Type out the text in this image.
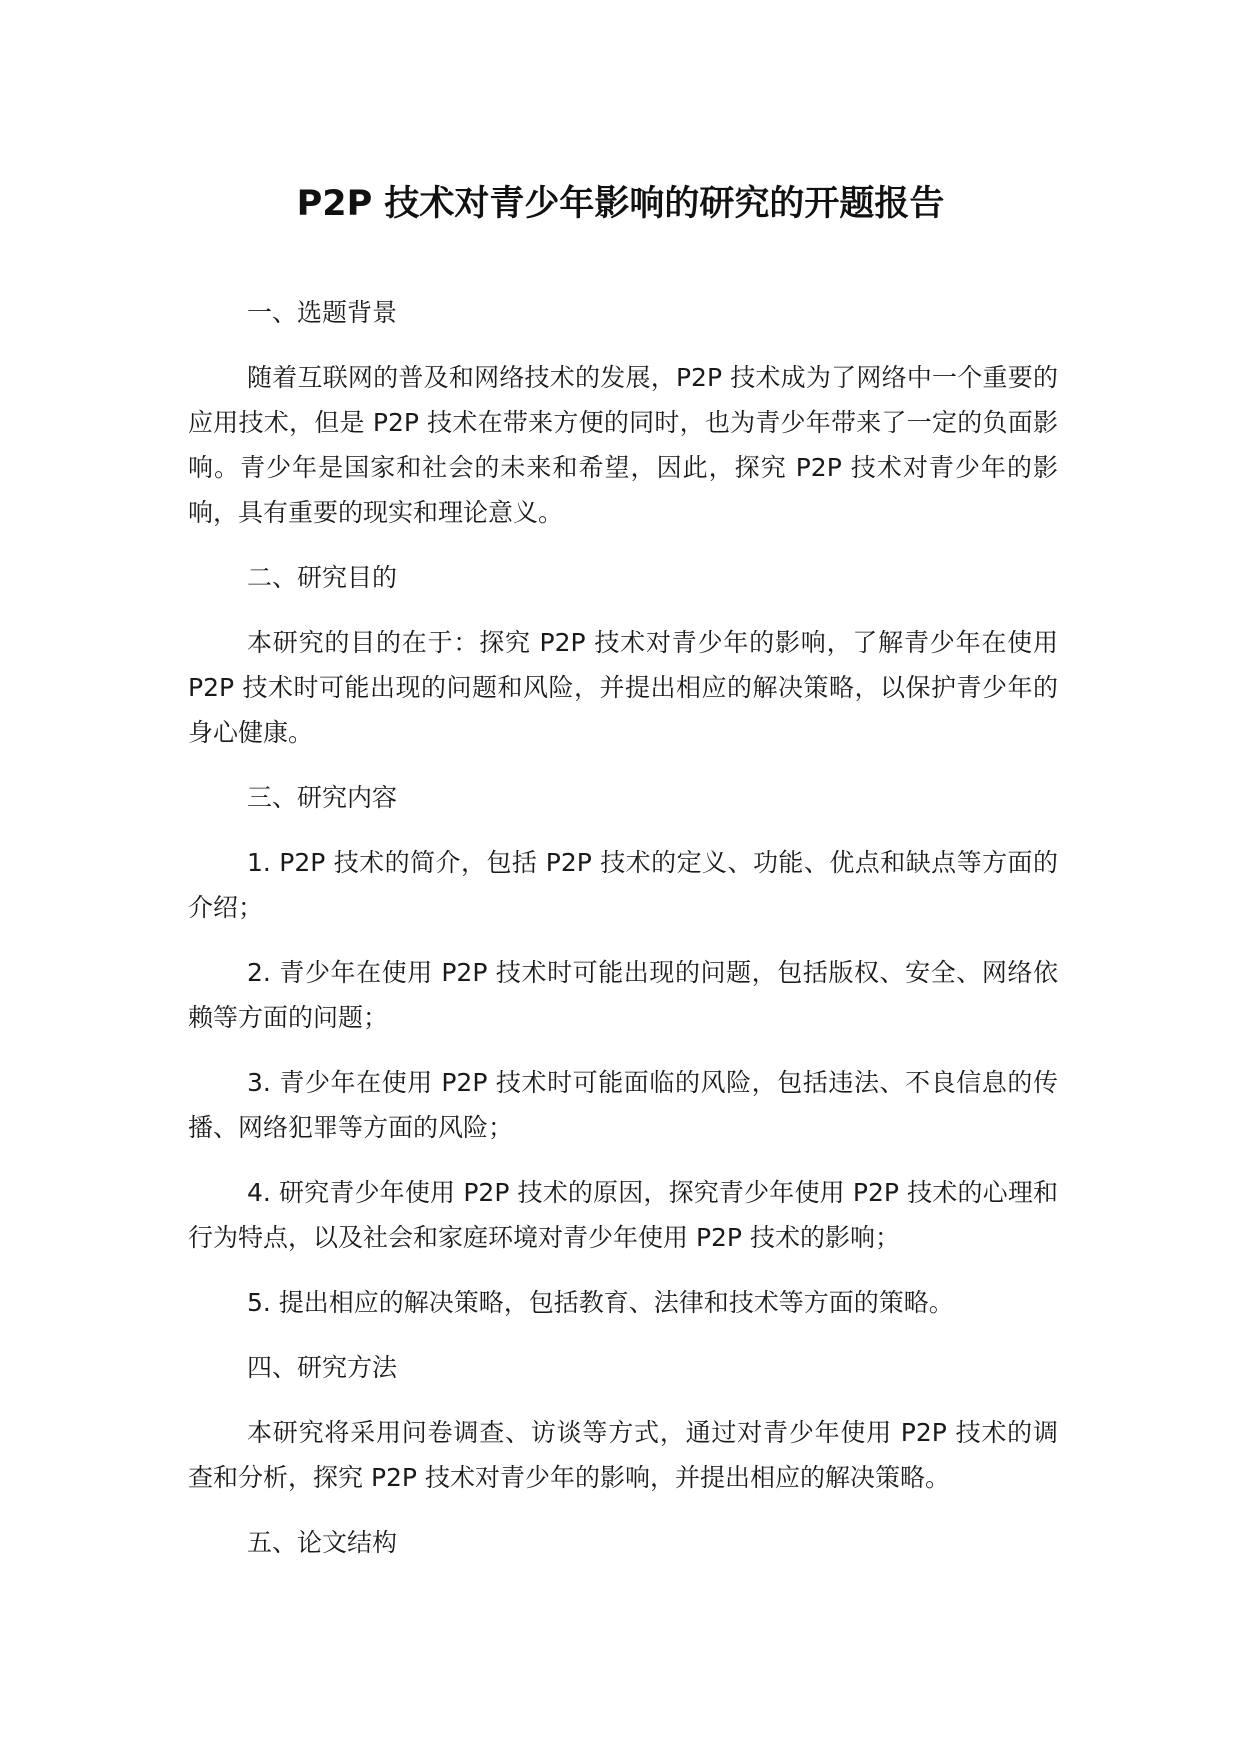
P2P 技术对青少年影响的研究的开题报告

一、选题背景

随着互联网的普及和网络技术的发展，P2P 技术成为了网络中一个重要的应用技术，但是 P2P 技术在带来方便的同时，也为青少年带来了一定的负面影响。青少年是国家和社会的未来和希望，因此，探究 P2P 技术对青少年的影响，具有重要的现实和理论意义。

二、研究目的

本研究的目的在于：探究 P2P 技术对青少年的影响，了解青少年在使用 P2P 技术时可能出现的问题和风险，并提出相应的解决策略，以保护青少年的身心健康。

三、研究内容

1. P2P 技术的简介，包括 P2P 技术的定义、功能、优点和缺点等方面的介绍；

2. 青少年在使用 P2P 技术时可能出现的问题，包括版权、安全、网络依赖等方面的问题；

3. 青少年在使用 P2P 技术时可能面临的风险，包括违法、不良信息的传播、网络犯罪等方面的风险；

4. 研究青少年使用 P2P 技术的原因，探究青少年使用 P2P 技术的心理和行为特点，以及社会和家庭环境对青少年使用 P2P 技术的影响；

5. 提出相应的解决策略，包括教育、法律和技术等方面的策略。

四、研究方法

本研究将采用问卷调查、访谈等方式，通过对青少年使用 P2P 技术的调查和分析，探究 P2P 技术对青少年的影响，并提出相应的解决策略。

五、论文结构
